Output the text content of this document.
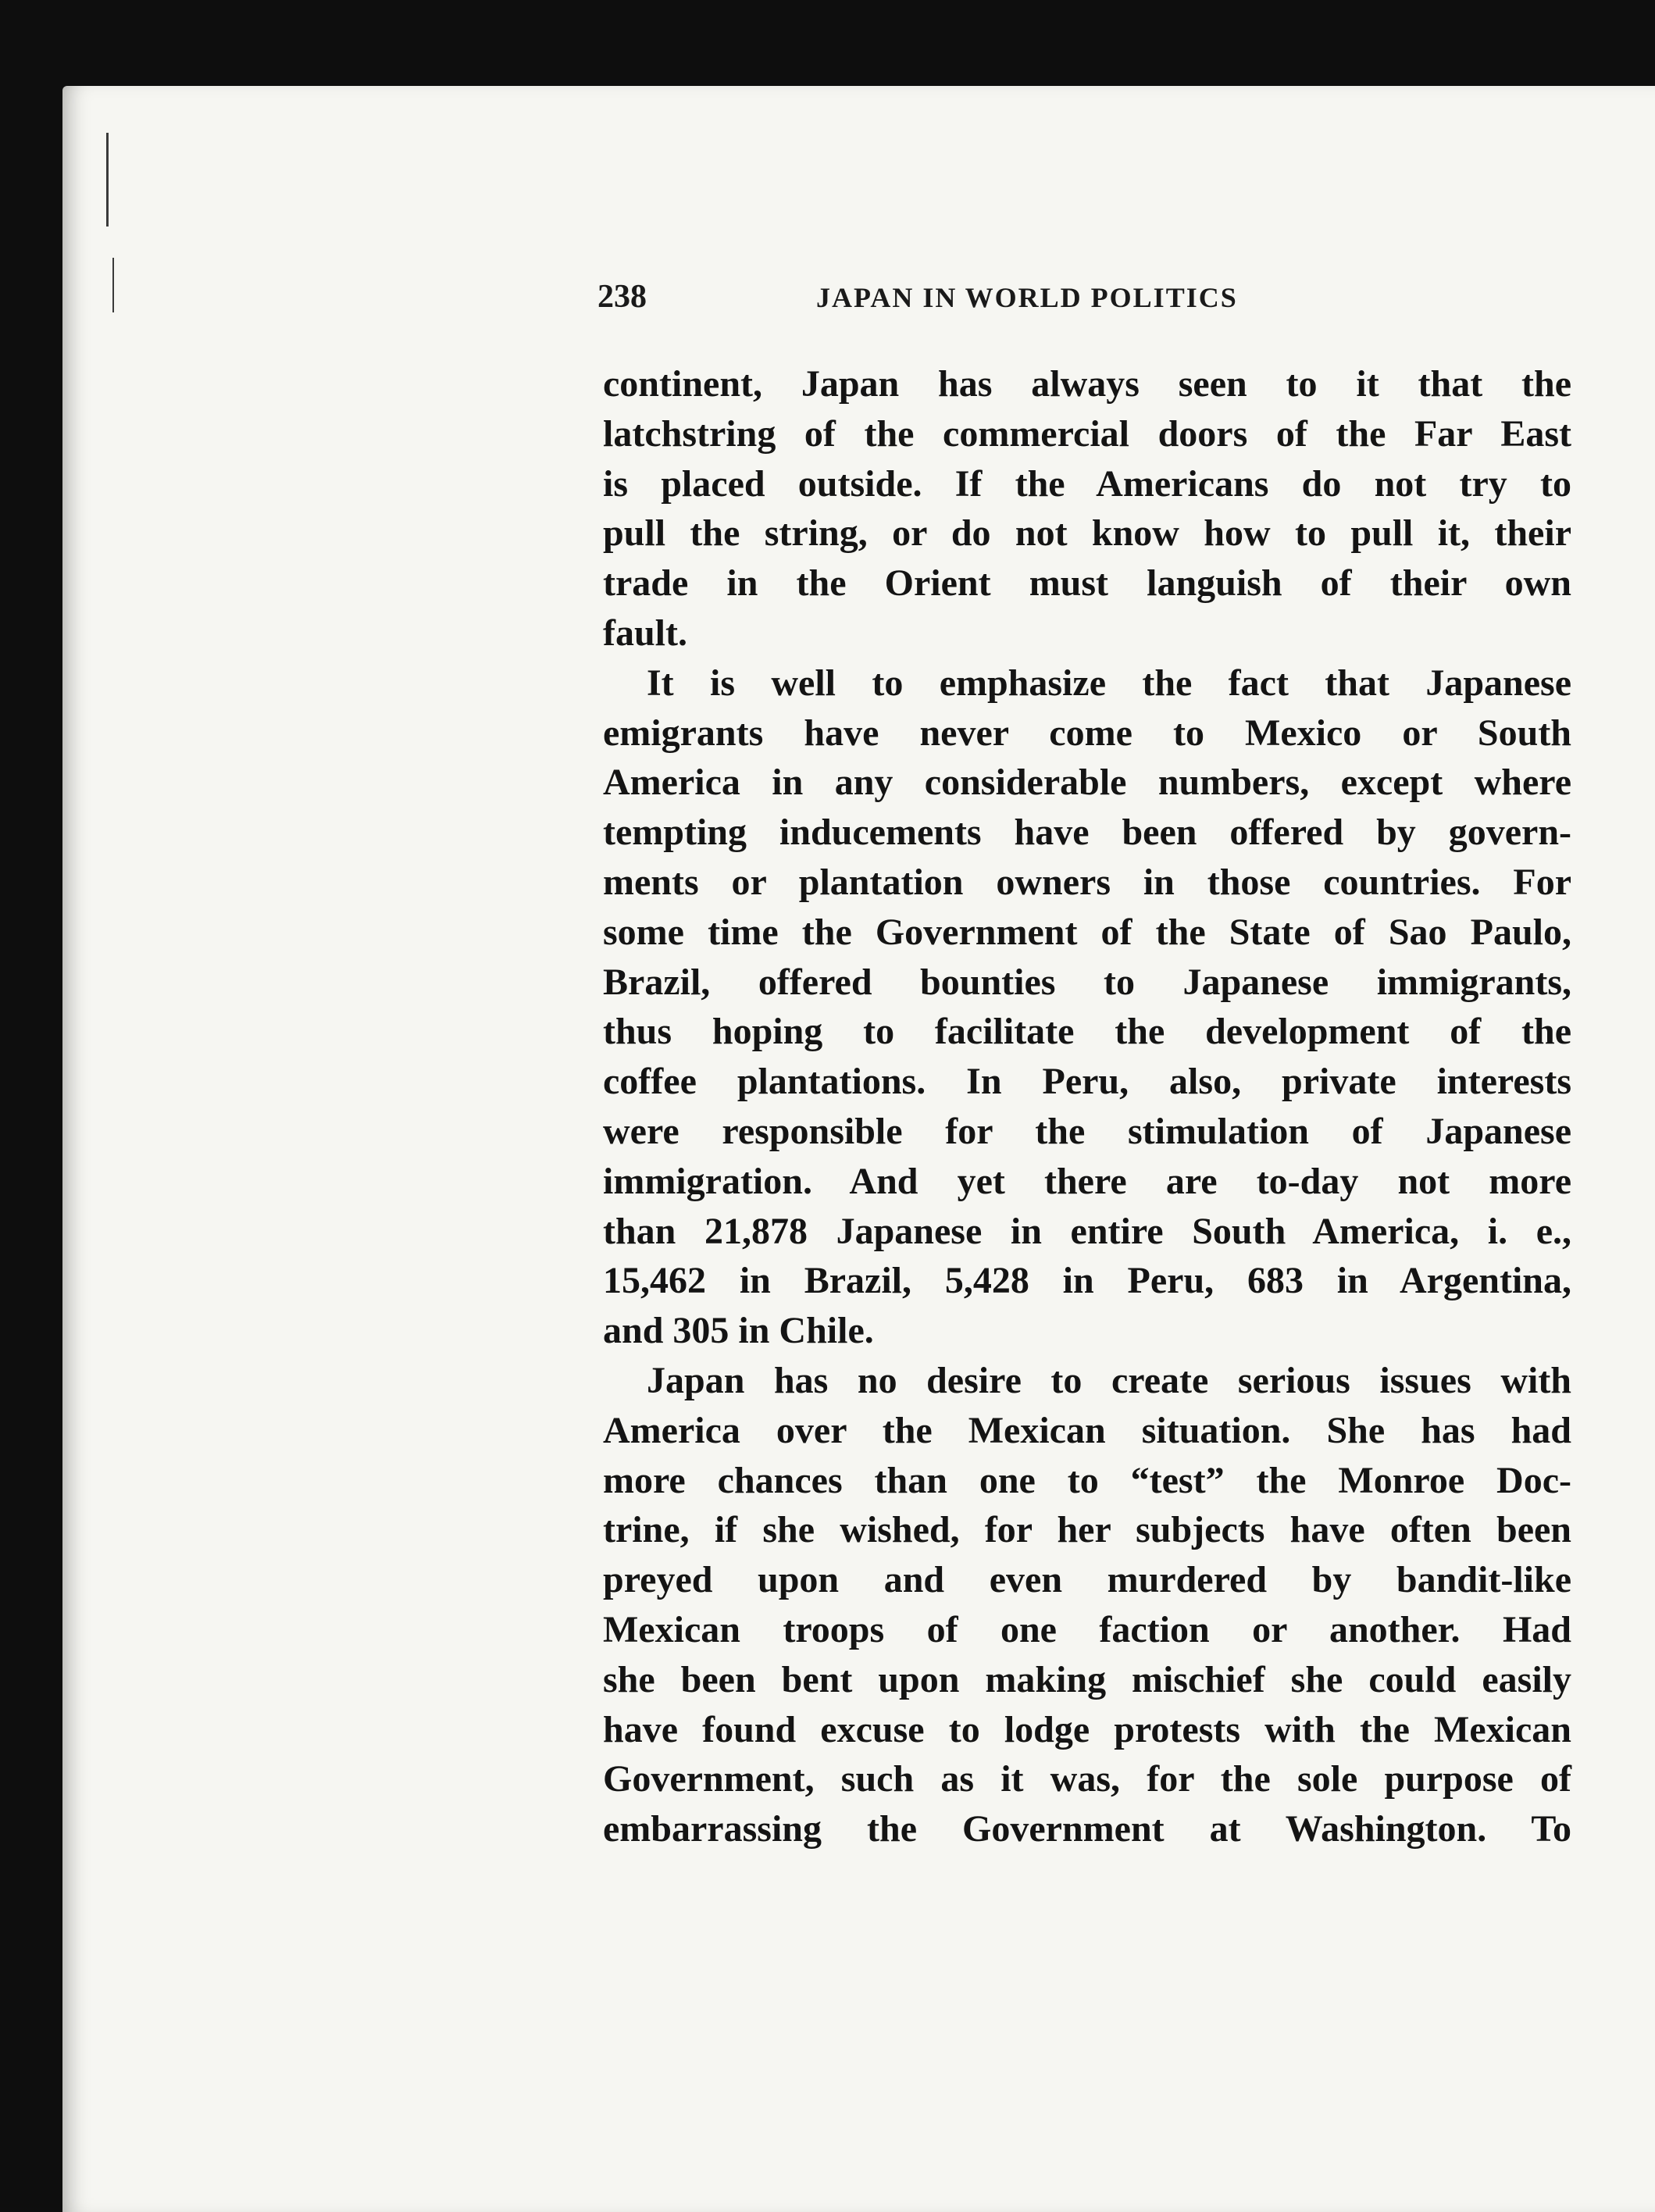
238	JAPAN IN WORLD POLITICS
continent, Japan has always seen to it that the
latchstring of the commercial doors of the Far East
is placed outside. If the Americans do not try to
pull the string, or do not know how to pull it, their
trade in the Orient must languish of their own
fault.
It is well to emphasize the fact that Japanese
emigrants have never come to Mexico or South
America in any considerable numbers, except where
tempting inducements have been offered by govern-
ments or plantation owners in those countries. For
some time the Government of the State of Sao Paulo,
Brazil, offered bounties to Japanese immigrants,
thus hoping to facilitate the development of the
coffee plantations. In Peru, also, private interests
were responsible for the stimulation of Japanese
immigration. And yet there are to-day not more
than 21,878 Japanese in entire South America, i. e.,
15,462 in Brazil, 5,428 in Peru, 683 in Argentina,
and 305 in Chile.
Japan has no desire to create serious issues with
America over the Mexican situation. She has had
more chances than one to “test” the Monroe Doc-
trine, if she wished, for her subjects have often been
preyed upon and even murdered by bandit-like
Mexican troops of one faction or another. Had
she been bent upon making mischief she could easily
have found excuse to lodge protests with the Mexican
Government, such as it was, for the sole purpose of
embarrassing the Government at Washington. To
